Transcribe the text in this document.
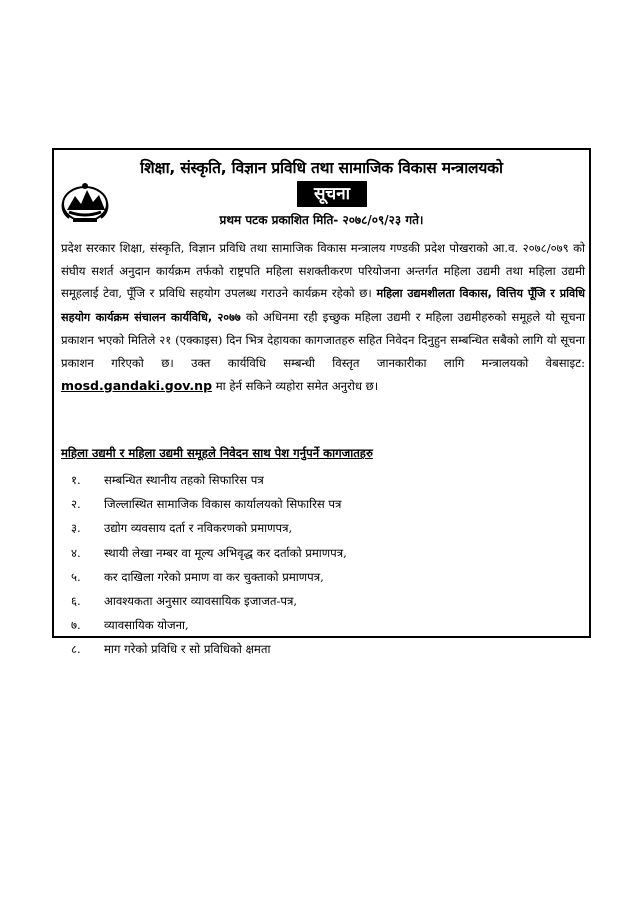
शिक्षा, संस्कृति, विज्ञान प्रविधि तथा सामाजिक विकास मन्त्रालयको
सूचना
प्रथम पटक प्रकाशित मिति- २०७८/०९/२३ गते।

प्रदेश सरकार शिक्षा, संस्कृति, विज्ञान प्रविधि तथा सामाजिक विकास मन्त्रालय गण्डकी प्रदेश पोखराको आ.व. २०७८/०७९ को संघीय सशर्त अनुदान कार्यक्रम तर्फको राष्ट्रपति महिला सशक्तीकरण परियोजना अन्तर्गत महिला उद्यमी तथा महिला उद्यमी समूहलाई टेवा, पूँजि र प्रविधि सहयोग उपलब्ध गराउने कार्यक्रम रहेको छ। महिला उद्यमशीलता विकास, वित्तिय पूँजि र प्रविधि सहयोग कार्यक्रम संचालन कार्यविधि, २०७७ को अधिनमा रही इच्छुक महिला उद्यमी र महिला उद्यमीहरुको समूहले यो सूचना प्रकाशन भएको मितिले २१ (एक्काइस) दिन भित्र देहायका कागजातहरु सहित निवेदन दिनुहुन सम्बन्धित सबैको लागि यो सूचना प्रकाशन गरिएको छ। उक्त कार्यविधि सम्बन्धी विस्तृत जानकारीका लागि मन्त्रालयको वेबसाइट: mosd.gandaki.gov.np मा हेर्न सकिने व्यहोरा समेत अनुरोध छ।

महिला उद्यमी र महिला उद्यमी समूहले निवेदन साथ पेश गर्नुपर्ने कागजातहरु
१. सम्बन्धित स्थानीय तहको सिफारिस पत्र
२. जिल्लास्थित सामाजिक विकास कार्यालयको सिफारिस पत्र
३. उद्योग व्यवसाय दर्ता र नविकरणको प्रमाणपत्र,
४. स्थायी लेखा नम्बर वा मूल्य अभिवृद्ध कर दर्ताको प्रमाणपत्र,
५. कर दाखिला गरेको प्रमाण वा कर चुक्ताको प्रमाणपत्र,
६. आवश्यकता अनुसार व्यावसायिक इजाजत-पत्र,
७. व्यावसायिक योजना,
८. माग गरेको प्रविधि र सो प्रविधिको क्षमता
